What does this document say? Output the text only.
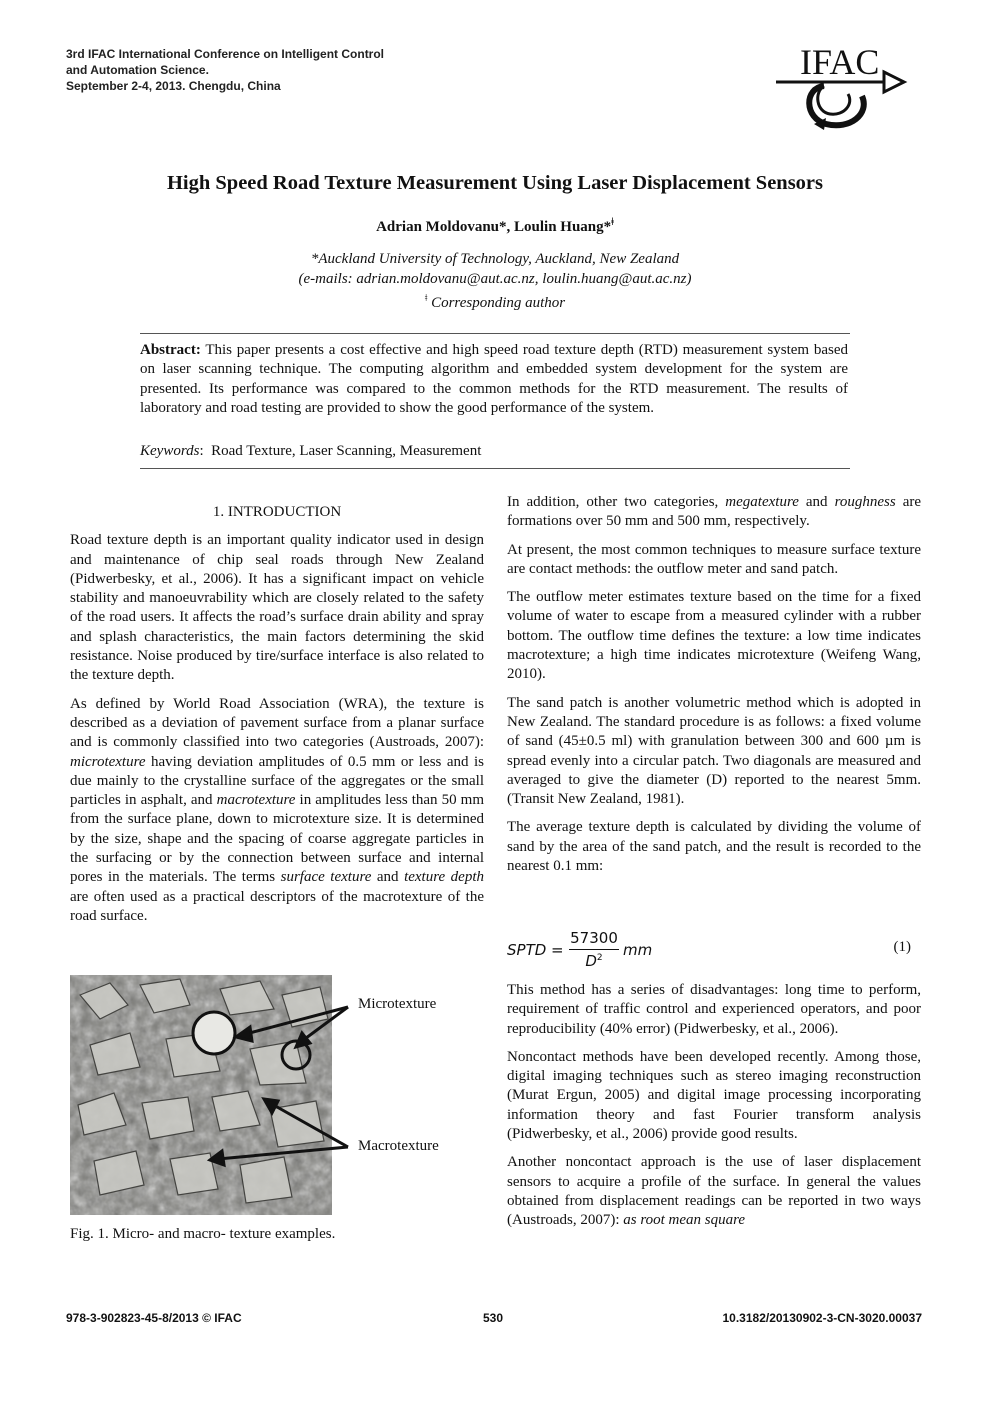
3rd IFAC International Conference on Intelligent Control
and Automation Science.
September 2-4, 2013. Chengdu, China
IFAC
High Speed Road Texture Measurement Using Laser Displacement Sensors
Adrian Moldovanu*, Loulin Huang*$^ǂ$
*Auckland University of Technology, Auckland, New Zealand
(e-mails: adrian.moldovanu@aut.ac.nz, loulin.huang@aut.ac.nz)
$^ǂ$ Corresponding author
Abstract: This paper presents a cost effective and high speed road texture depth (RTD) measurement system based on laser scanning technique. The computing algorithm and embedded system development for the system are presented. Its performance was compared to the common methods for the RTD measurement. The results of laboratory and road testing are provided to show the good performance of the system.
Keywords: Road Texture, Laser Scanning, Measurement
1. INTRODUCTION

Road texture depth is an important quality indicator used in design and maintenance of chip seal roads through New Zealand (Pidwerbesky, et al., 2006). It has a significant impact on vehicle stability and manoeuvrability which are closely related to the safety of the road users. It affects the road’s surface drain ability and spray and splash characteristics, the main factors determining the skid resistance. Noise produced by tire/surface interface is also related to the texture depth.

As defined by World Road Association (WRA), the texture is described as a deviation of pavement surface from a planar surface and is commonly classified into two categories (Austroads, 2007): microtexture having deviation amplitudes of 0.5 mm or less and is due mainly to the crystalline surface of the aggregates or the small particles in asphalt, and macrotexture in amplitudes less than 50 mm from the surface plane, down to microtexture size. It is determined by the size, shape and the spacing of coarse aggregate particles in the surfacing or by the connection between surface and internal pores in the materials. The terms surface texture and texture depth are often used as a practical descriptors of the macrotexture of the road surface.

Microtexture
Macrotexture
Fig. 1. Micro- and macro- texture examples.

In addition, other two categories, megatexture and roughness are formations over 50 mm and 500 mm, respectively.

At present, the most common techniques to measure surface texture are contact methods: the outflow meter and sand patch.

The outflow meter estimates texture based on the time for a fixed volume of water to escape from a measured cylinder with a rubber bottom. The outflow time defines the texture: a low time indicates macrotexture; a high time indicates microtexture (Weifeng Wang, 2010).

The sand patch is another volumetric method which is adopted in New Zealand. The standard procedure is as follows: a fixed volume of sand (45±0.5 ml) with granulation between 300 and 600 µm is spread evenly into a circular patch. Two diagonals are measured and averaged to give the diameter (D) reported to the nearest 5mm. (Transit New Zealand, 1981).

The average texture depth is calculated by dividing the volume of sand by the area of the sand patch, and the result is recorded to the nearest 0.1 mm:

SPTD =
57300
$D^2$	mm	(1)

This method has a series of disadvantages: long time to perform, requirement of traffic control and experienced operators, and poor reproducibility (40% error) (Pidwerbesky, et al., 2006).

Noncontact methods have been developed recently. Among those, digital imaging techniques such as stereo imaging reconstruction (Murat Ergun, 2005) and digital image processing incorporating information theory and fast Fourier transform analysis (Pidwerbesky, et al., 2006) provide good results.

Another noncontact approach is the use of laser displacement sensors to acquire a profile of the surface. In general the values obtained from displacement readings can be reported in two ways (Austroads, 2007): as root mean square

978-3-902823-45-8/2013 © IFAC	530	10.3182/20130902-3-CN-3020.00037
